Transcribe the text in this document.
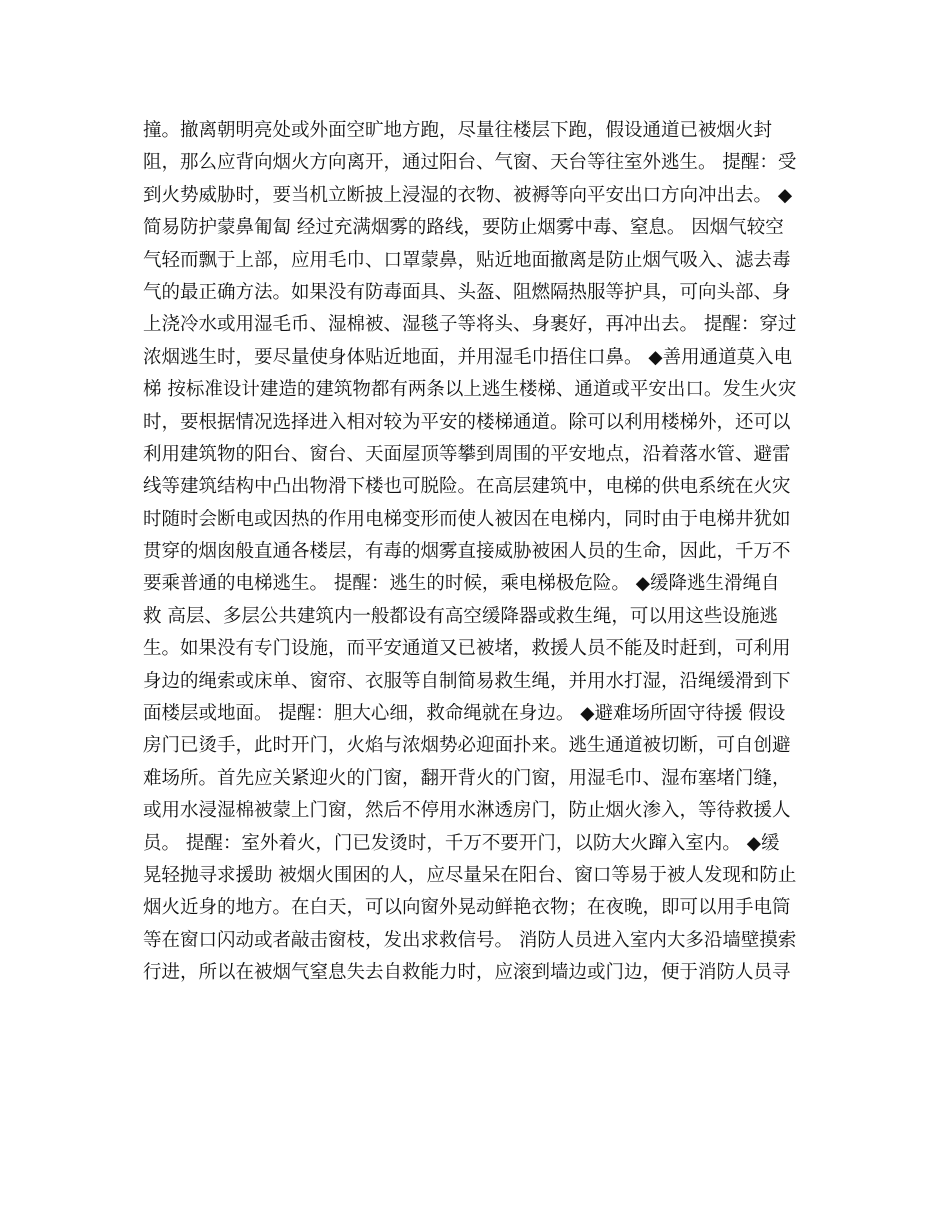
撞。撤离朝明亮处或外面空旷地方跑，尽量往楼层下跑，假设通道已被烟火封
阻，那么应背向烟火方向离开，通过阳台、气窗、天台等往室外逃生。 提醒：受
到火势威胁时，要当机立断披上浸湿的衣物、被褥等向平安出口方向冲出去。 ◆
简易防护蒙鼻匍匐 经过充满烟雾的路线，要防止烟雾中毒、窒息。 因烟气较空
气轻而飘于上部，应用毛巾、口罩蒙鼻，贴近地面撤离是防止烟气吸入、滤去毒
气的最正确方法。如果没有防毒面具、头盔、阻燃隔热服等护具，可向头部、身
上浇冷水或用湿毛币、湿棉被、湿毯子等将头、身裹好，再冲出去。 提醒：穿过
浓烟逃生时，要尽量使身体贴近地面，并用湿毛巾捂住口鼻。 ◆善用通道莫入电
梯 按标准设计建造的建筑物都有两条以上逃生楼梯、通道或平安出口。发生火灾
时，要根据情况选择进入相对较为平安的楼梯通道。除可以利用楼梯外，还可以
利用建筑物的阳台、窗台、天面屋顶等攀到周围的平安地点，沿着落水管、避雷
线等建筑结构中凸出物滑下楼也可脱险。在高层建筑中，电梯的供电系统在火灾
时随时会断电或因热的作用电梯变形而使人被因在电梯内，同时由于电梯井犹如
贯穿的烟囱般直通各楼层，有毒的烟雾直接威胁被困人员的生命，因此，千万不
要乘普通的电梯逃生。 提醒：逃生的时候，乘电梯极危险。 ◆缓降逃生滑绳自
救 高层、多层公共建筑内一般都设有高空缓降器或救生绳，可以用这些设施逃
生。如果没有专门设施，而平安通道又已被堵，救援人员不能及时赶到，可利用
身边的绳索或床单、窗帘、衣服等自制简易救生绳，并用水打湿，沿绳缓滑到下
面楼层或地面。 提醒：胆大心细，救命绳就在身边。 ◆避难场所固守待援 假设
房门已烫手，此时开门，火焰与浓烟势必迎面扑来。逃生通道被切断，可自创避
难场所。首先应关紧迎火的门窗，翻开背火的门窗，用湿毛巾、湿布塞堵门缝，
或用水浸湿棉被蒙上门窗，然后不停用水淋透房门，防止烟火渗入，等待救援人
员。 提醒：室外着火，门已发烫时，千万不要开门，以防大火蹿入室内。 ◆缓
晃轻抛寻求援助 被烟火围困的人，应尽量呆在阳台、窗口等易于被人发现和防止
烟火近身的地方。在白天，可以向窗外晃动鲜艳衣物；在夜晚，即可以用手电筒
等在窗口闪动或者敲击窗枝，发出求救信号。 消防人员进入室内大多沿墙壁摸索
行进，所以在被烟气窒息失去自救能力时，应滚到墙边或门边，便于消防人员寻
